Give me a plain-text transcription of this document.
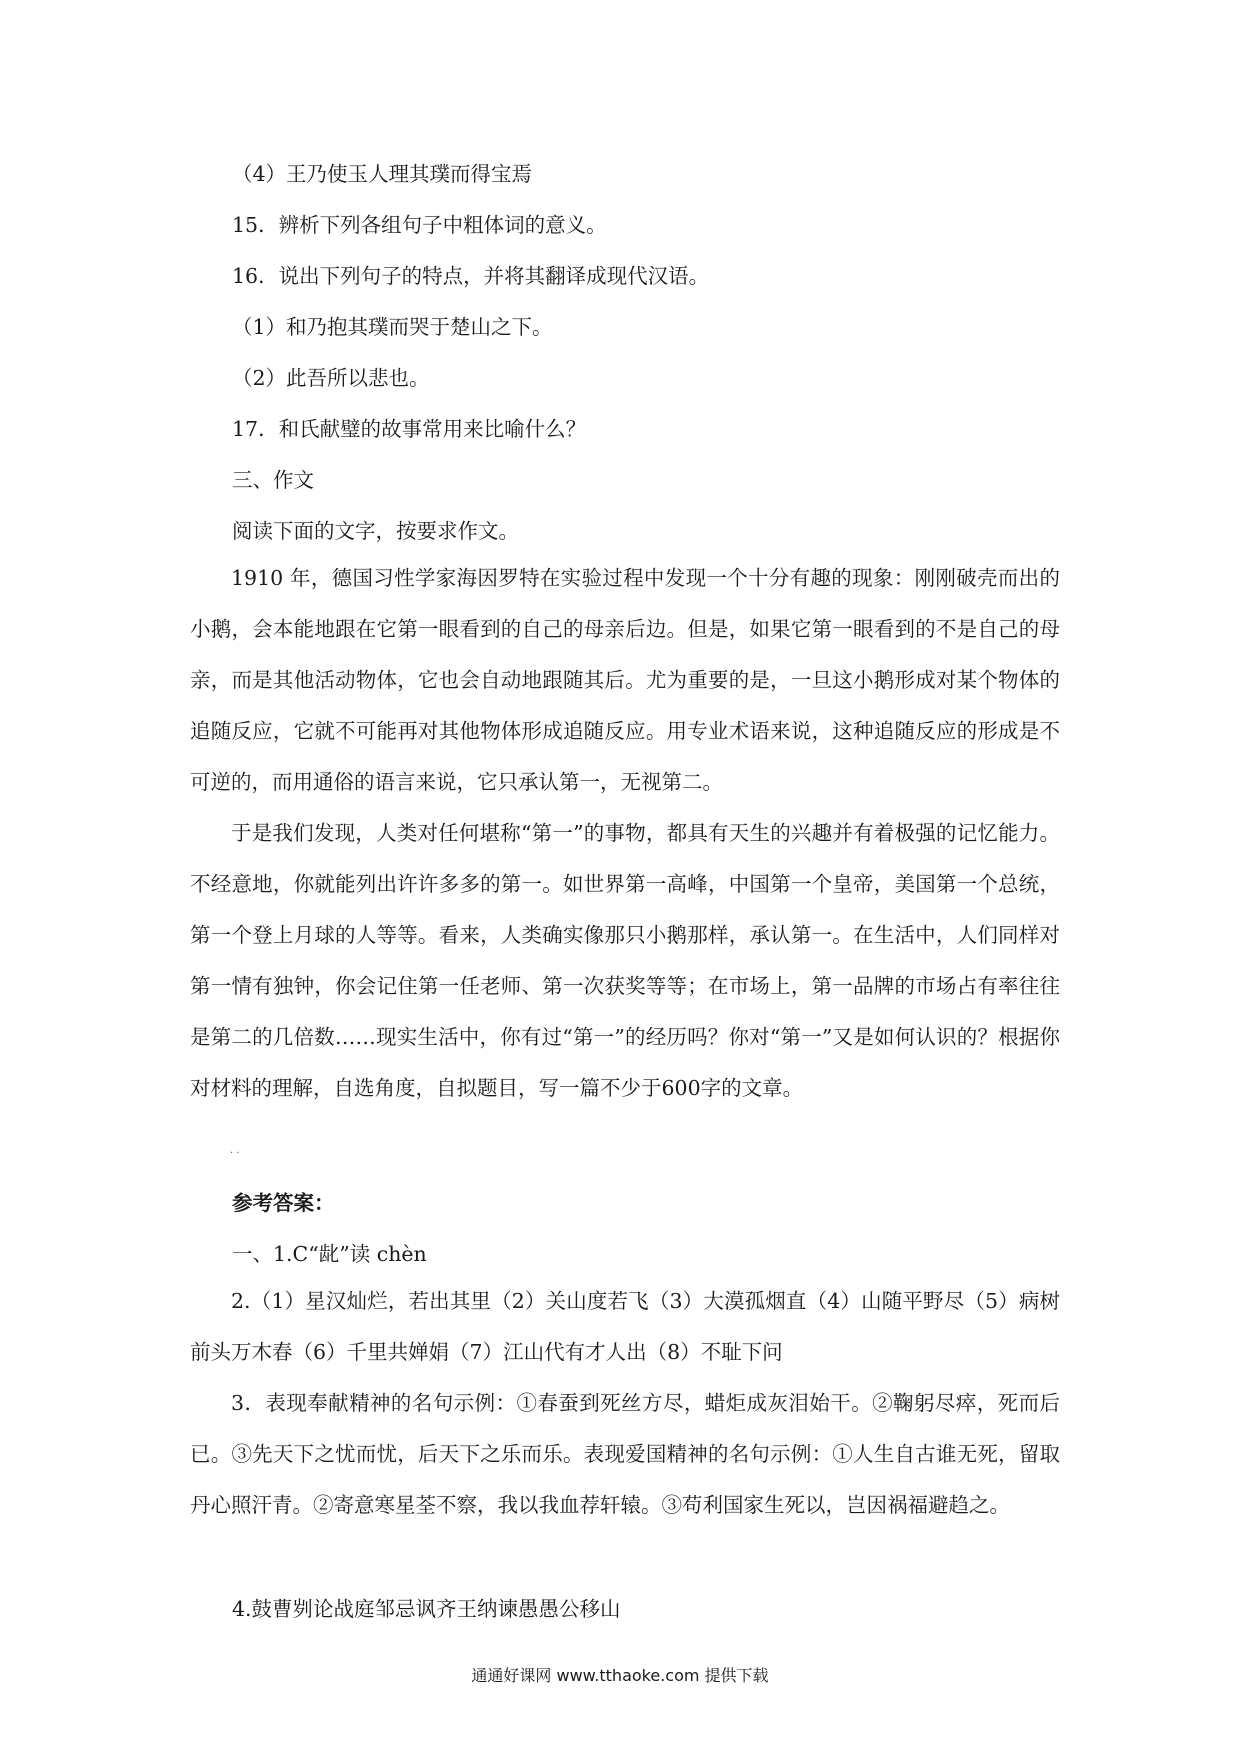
（4）王乃使玉人理其璞而得宝焉
15．辨析下列各组句子中粗体词的意义。
16．说出下列句子的特点，并将其翻译成现代汉语。
（1）和乃抱其璞而哭于楚山之下。
（2）此吾所以悲也。
17．和氏献璧的故事常用来比喻什么？
三、作文
阅读下面的文字，按要求作文。
1910 年，德国习性学家海因罗特在实验过程中发现一个十分有趣的现象：刚刚破壳而出的小鹅，会本能地跟在它第一眼看到的自己的母亲后边。但是，如果它第一眼看到的不是自己的母亲，而是其他活动物体，它也会自动地跟随其后。尤为重要的是，一旦这小鹅形成对某个物体的追随反应，它就不可能再对其他物体形成追随反应。用专业术语来说，这种追随反应的形成是不可逆的，而用通俗的语言来说，它只承认第一，无视第二。
于是我们发现，人类对任何堪称“第一”的事物，都具有天生的兴趣并有着极强的记忆能力。不经意地，你就能列出许许多多的第一。如世界第一高峰，中国第一个皇帝，美国第一个总统，第一个登上月球的人等等。看来，人类确实像那只小鹅那样，承认第一。在生活中，人们同样对第一情有独钟，你会记住第一任老师、第一次获奖等等；在市场上，第一品牌的市场占有率往往是第二的几倍数……现实生活中，你有过“第一”的经历吗？你对“第一”又是如何认识的？根据你对材料的理解，自选角度，自拟题目，写一篇不少于600字的文章。
· ·
参考答案：
一、1.C“龀”读 chèn
2.（1）星汉灿烂，若出其里（2）关山度若飞（3）大漠孤烟直（4）山随平野尽（5）病树前头万木春（6）千里共婵娟（7）江山代有才人出（8）不耻下问
3．表现奉献精神的名句示例：①春蚕到死丝方尽，蜡炬成灰泪始干。②鞠躬尽瘁，死而后已。③先天下之忧而忧，后天下之乐而乐。表现爱国精神的名句示例：①人生自古谁无死，留取丹心照汗青。②寄意寒星荃不察，我以我血荐轩辕。③苟利国家生死以，岂因祸福避趋之。
4.鼓曹刿论战庭邹忌讽齐王纳谏愚愚公移山
通通好课网 www.tthaoke.com 提供下载
